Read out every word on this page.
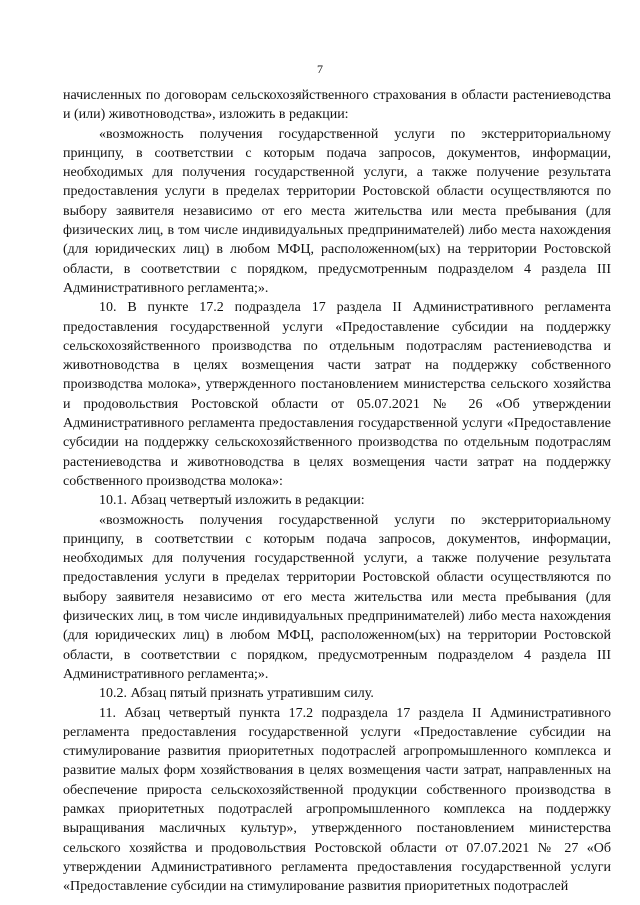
7

начисленных по договорам сельскохозяйственного страхования в области растениеводства и (или) животноводства», изложить в редакции:

«возможность получения государственной услуги по экстерриториальному принципу, в соответствии с которым подача запросов, документов, информации, необходимых для получения государственной услуги, а также получение результата предоставления услуги в пределах территории Ростовской области осуществляются по выбору заявителя независимо от его места жительства или места пребывания (для физических лиц, в том числе индивидуальных предпринимателей) либо места нахождения (для юридических лиц) в любом МФЦ, расположенном(ых) на территории Ростовской области, в соответствии с порядком, предусмотренным подразделом 4 раздела III Административного регламента;».

10. В пункте 17.2 подраздела 17 раздела II Административного регламента предоставления государственной услуги «Предоставление субсидии на поддержку сельскохозяйственного производства по отдельным подотраслям растениеводства и животноводства в целях возмещения части затрат на поддержку собственного производства молока», утвержденного постановлением министерства сельского хозяйства и продовольствия Ростовской области от 05.07.2021 № 26 «Об утверждении Административного регламента предоставления государственной услуги «Предоставление субсидии на поддержку сельскохозяйственного производства по отдельным подотраслям растениеводства и животноводства в целях возмещения части затрат на поддержку собственного производства молока»:

10.1. Абзац четвертый изложить в редакции:

«возможность получения государственной услуги по экстерриториальному принципу, в соответствии с которым подача запросов, документов, информации, необходимых для получения государственной услуги, а также получение результата предоставления услуги в пределах территории Ростовской области осуществляются по выбору заявителя независимо от его места жительства или места пребывания (для физических лиц, в том числе индивидуальных предпринимателей) либо места нахождения (для юридических лиц) в любом МФЦ, расположенном(ых) на территории Ростовской области, в соответствии с порядком, предусмотренным подразделом 4 раздела III Административного регламента;».

10.2. Абзац пятый признать утратившим силу.

11. Абзац четвертый пункта 17.2 подраздела 17 раздела II Административного регламента предоставления государственной услуги «Предоставление субсидии на стимулирование развития приоритетных подотраслей агропромышленного комплекса и развитие малых форм хозяйствования в целях возмещения части затрат, направленных на обеспечение прироста сельскохозяйственной продукции собственного производства в рамках приоритетных подотраслей агропромышленного комплекса на поддержку выращивания масличных культур», утвержденного постановлением министерства сельского хозяйства и продовольствия Ростовской области от 07.07.2021 № 27 «Об утверждении Административного регламента предоставления государственной услуги «Предоставление субсидии на стимулирование развития приоритетных подотраслей
